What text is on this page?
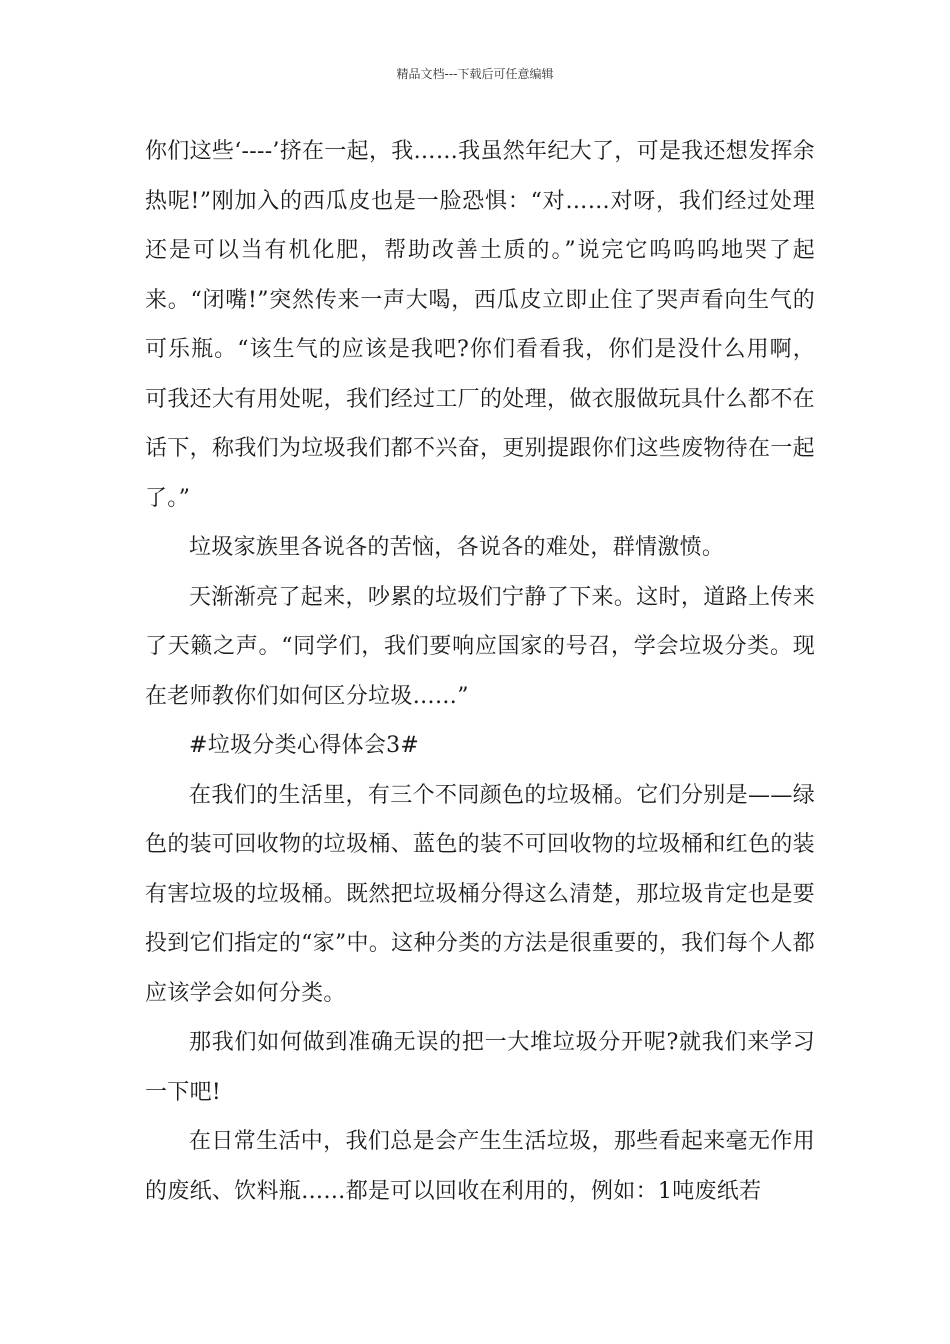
精品文档---下载后可任意编辑

你们这些‘----’挤在一起，我……我虽然年纪大了，可是我还想发挥余热呢!”刚加入的西瓜皮也是一脸恐惧：“对……对呀，我们经过处理还是可以当有机化肥，帮助改善土质的。”说完它呜呜呜地哭了起来。“闭嘴!”突然传来一声大喝，西瓜皮立即止住了哭声看向生气的可乐瓶。“该生气的应该是我吧?你们看看我，你们是没什么用啊，可我还大有用处呢，我们经过工厂的处理，做衣服做玩具什么都不在话下，称我们为垃圾我们都不兴奋，更别提跟你们这些废物待在一起了。”

垃圾家族里各说各的苦恼，各说各的难处，群情激愤。

天渐渐亮了起来，吵累的垃圾们宁静了下来。这时，道路上传来了天籁之声。“同学们，我们要响应国家的号召，学会垃圾分类。现在老师教你们如何区分垃圾……”

#垃圾分类心得体会3#

在我们的生活里，有三个不同颜色的垃圾桶。它们分别是——绿色的装可回收物的垃圾桶、蓝色的装不可回收物的垃圾桶和红色的装有害垃圾的垃圾桶。既然把垃圾桶分得这么清楚，那垃圾肯定也是要投到它们指定的“家”中。这种分类的方法是很重要的，我们每个人都应该学会如何分类。

那我们如何做到准确无误的把一大堆垃圾分开呢?就我们来学习一下吧!

在日常生活中，我们总是会产生生活垃圾，那些看起来毫无作用的废纸、饮料瓶……都是可以回收在利用的，例如：1吨废纸若
